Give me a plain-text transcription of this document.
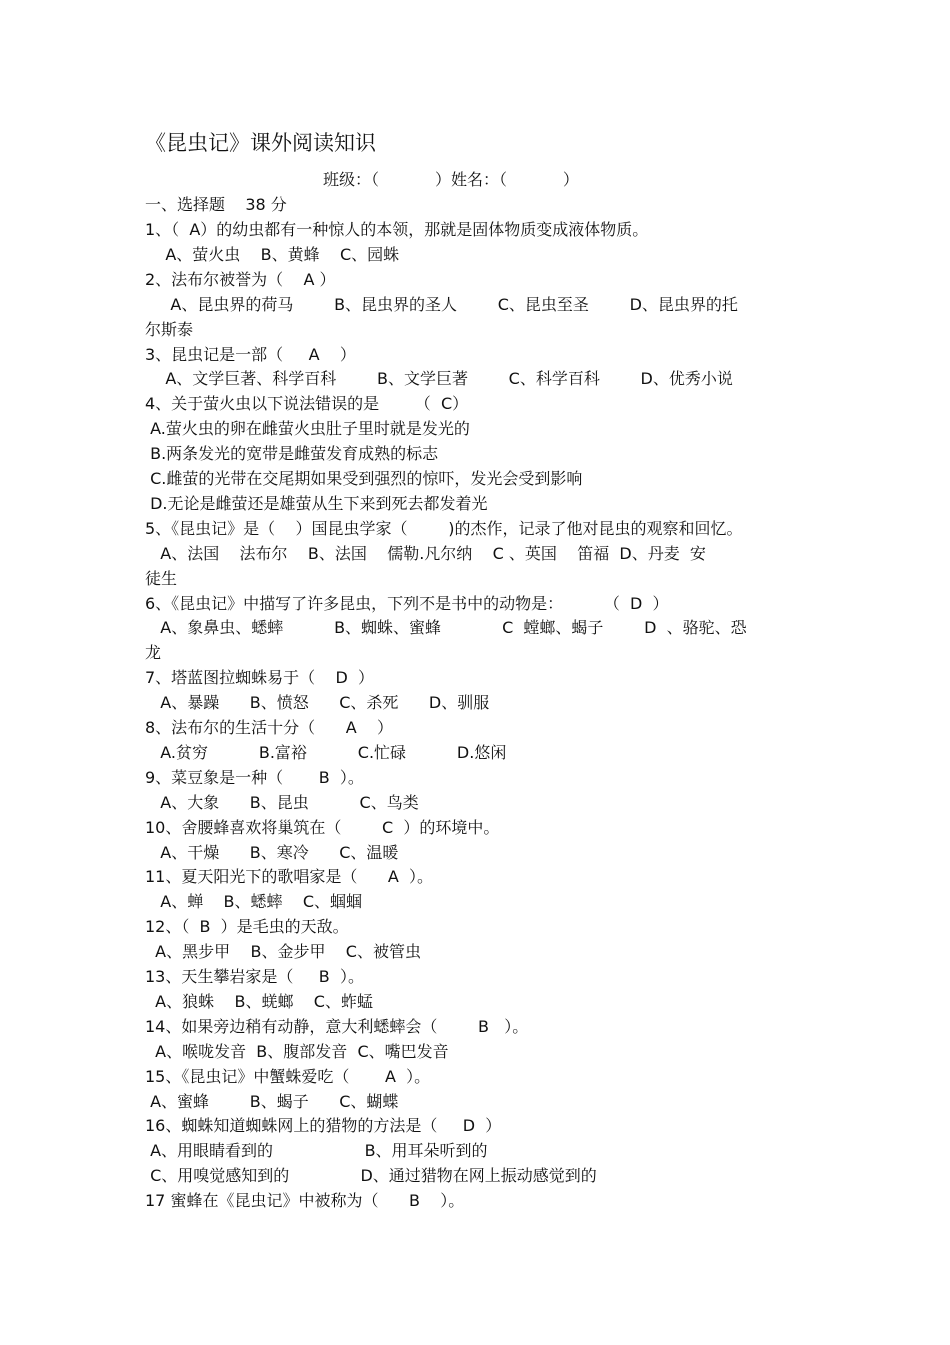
《昆虫记》课外阅读知识
班级：（           ）姓名：（           ）
一、选择题    38 分
1、（  A）的幼虫都有一种惊人的本领，那就是固体物质变成液体物质。
A、萤火虫    B、黄蜂    C、园蛛
2、法布尔被誉为（    A ）
A、昆虫界的荷马        B、昆虫界的圣人        C、昆虫至圣        D、昆虫界的托
尔斯泰
3、昆虫记是一部（     A    ）
A、文学巨著、科学百科        B、文学巨著        C、科学百科        D、优秀小说
4、关于萤火虫以下说法错误的是       （  C）
A.萤火虫的卵在雌萤火虫肚子里时就是发光的
B.两条发光的宽带是雌萤发育成熟的标志
C.雌萤的光带在交尾期如果受到强烈的惊吓，发光会受到影响
D.无论是雌萤还是雄萤从生下来到死去都发着光
5、《昆虫记》是（    ）国昆虫学家（        )的杰作，记录了他对昆虫的观察和回忆。
A、法国    法布尔    B、法国    儒勒.凡尔纳    C 、英国    笛福  D、丹麦  安
徒生
6、《昆虫记》中描写了许多昆虫，下列不是书中的动物是：        （  D  ）
A、象鼻虫、蟋蟀          B、蜘蛛、蜜蜂            C  螳螂、蝎子        D  、骆驼、恐
龙
7、塔蓝图拉蜘蛛易于（    D  ）
A、暴躁      B、愤怒      C、杀死      D、驯服
8、法布尔的生活十分（      A    ）
A.贫穷          B.富裕          C.忙碌          D.悠闲
9、菜豆象是一种（       B  ）。
A、大象      B、昆虫          C、鸟类
10、舍腰蜂喜欢将巢筑在（        C  ）的环境中。
A、干燥      B、寒冷      C、温暖
11、夏天阳光下的歌唱家是（      A  ）。
A、蝉    B、蟋蟀    C、蝈蝈
12、（  B  ）是毛虫的天敌。
A、黑步甲    B、金步甲    C、被管虫
13、天生攀岩家是（     B  ）。
A、狼蛛    B、蜣螂    C、蚱蜢
14、如果旁边稍有动静，意大利蟋蟀会（        B   ）。
A、喉咙发音  B、腹部发音  C、嘴巴发音
15、《昆虫记》中蟹蛛爱吃（       A  ）。
A、蜜蜂        B、蝎子      C、蝴蝶
16、蜘蛛知道蜘蛛网上的猎物的方法是（     D  ）
A、用眼睛看到的                  B、用耳朵听到的
C、用嗅觉感知到的              D、通过猎物在网上振动感觉到的
17 蜜蜂在《昆虫记》中被称为（      B    ）。
